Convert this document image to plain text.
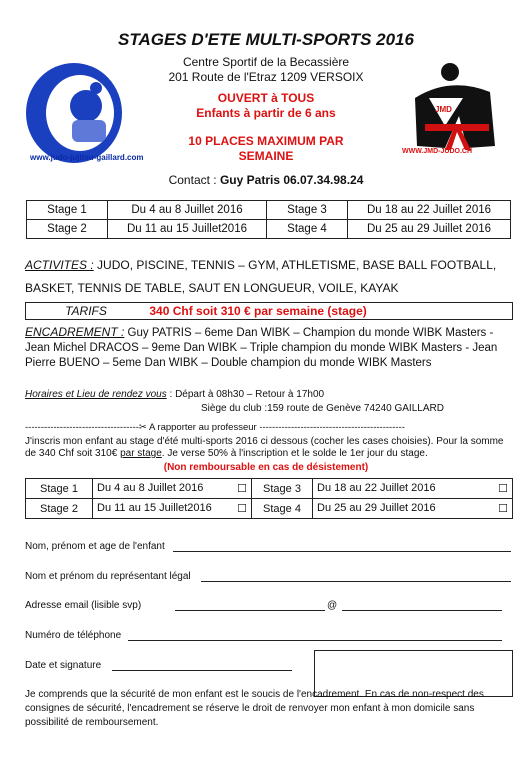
STAGES D'ETE MULTI-SPORTS 2016
www.judo-jujitsu-gaillard.com
JMD
WWW.JMD-JUDO.CH
Centre Sportif de la Becassière
201 Route de l'Etraz 1209 VERSOIX
OUVERT à TOUS
Enfants à partir de 6 ans
10 PLACES MAXIMUM PAR
SEMAINE
Contact : Guy Patris 06.07.34.98.24
Stage 1	Du 4 au 8 Juillet 2016	Stage 3	Du 18 au 22 Juillet 2016
Stage 2	Du 11 au 15 Juillet2016	Stage 4	Du 25 au 29 Juillet 2016
ACTIVITES : JUDO, PISCINE, TENNIS – GYM, ATHLETISME, BASE BALL FOOTBALL,
BASKET, TENNIS DE TABLE, SAUT EN LONGUEUR, VOILE, KAYAK
TARIFS	340 Chf soit 310 € par semaine (stage)
ENCADREMENT : Guy PATRIS – 6eme Dan WIBK – Champion du monde WIBK Masters - Jean Michel DRACOS – 9eme Dan WIBK – Triple champion du monde WIBK Masters - Jean Pierre BUENO – 5eme Dan WIBK – Double champion du monde WIBK Masters
Horaires et Lieu de rendez vous : Départ à 08h30 – Retour à 17h00
Siège du club :159 route de Genève 74240 GAILLARD
------------------------------------✂ A rapporter au professeur ----------------------------------------------
J'inscris mon enfant au stage d'été multi-sports 2016 ci dessous (cocher les cases choisies). Pour la somme de 340 Chf soit 310€ par stage. Je verse 50% à l'inscription et le solde le 1er jour du stage.
(Non remboursable en cas de désistement)
Stage 1	Du 4 au 8 Juillet 2016 ☐	Stage 3	Du 18 au 22 Juillet 2016 ☐

Stage 2	Du 11 au 15 Juillet2016 ☐	Stage 4	Du 25 au 29 Juillet 2016 ☐
Nom, prénom et age de l'enfant
Nom et prénom du représentant légal
Adresse email (lisible svp)	@
Numéro de téléphone
Date et signature
Je comprends que la sécurité de mon enfant est le soucis de l'encadrement. En cas de non-respect des consignes de sécurité, l'encadrement se réserve le droit de renvoyer mon enfant à mon domicile sans possibilité de remboursement.
